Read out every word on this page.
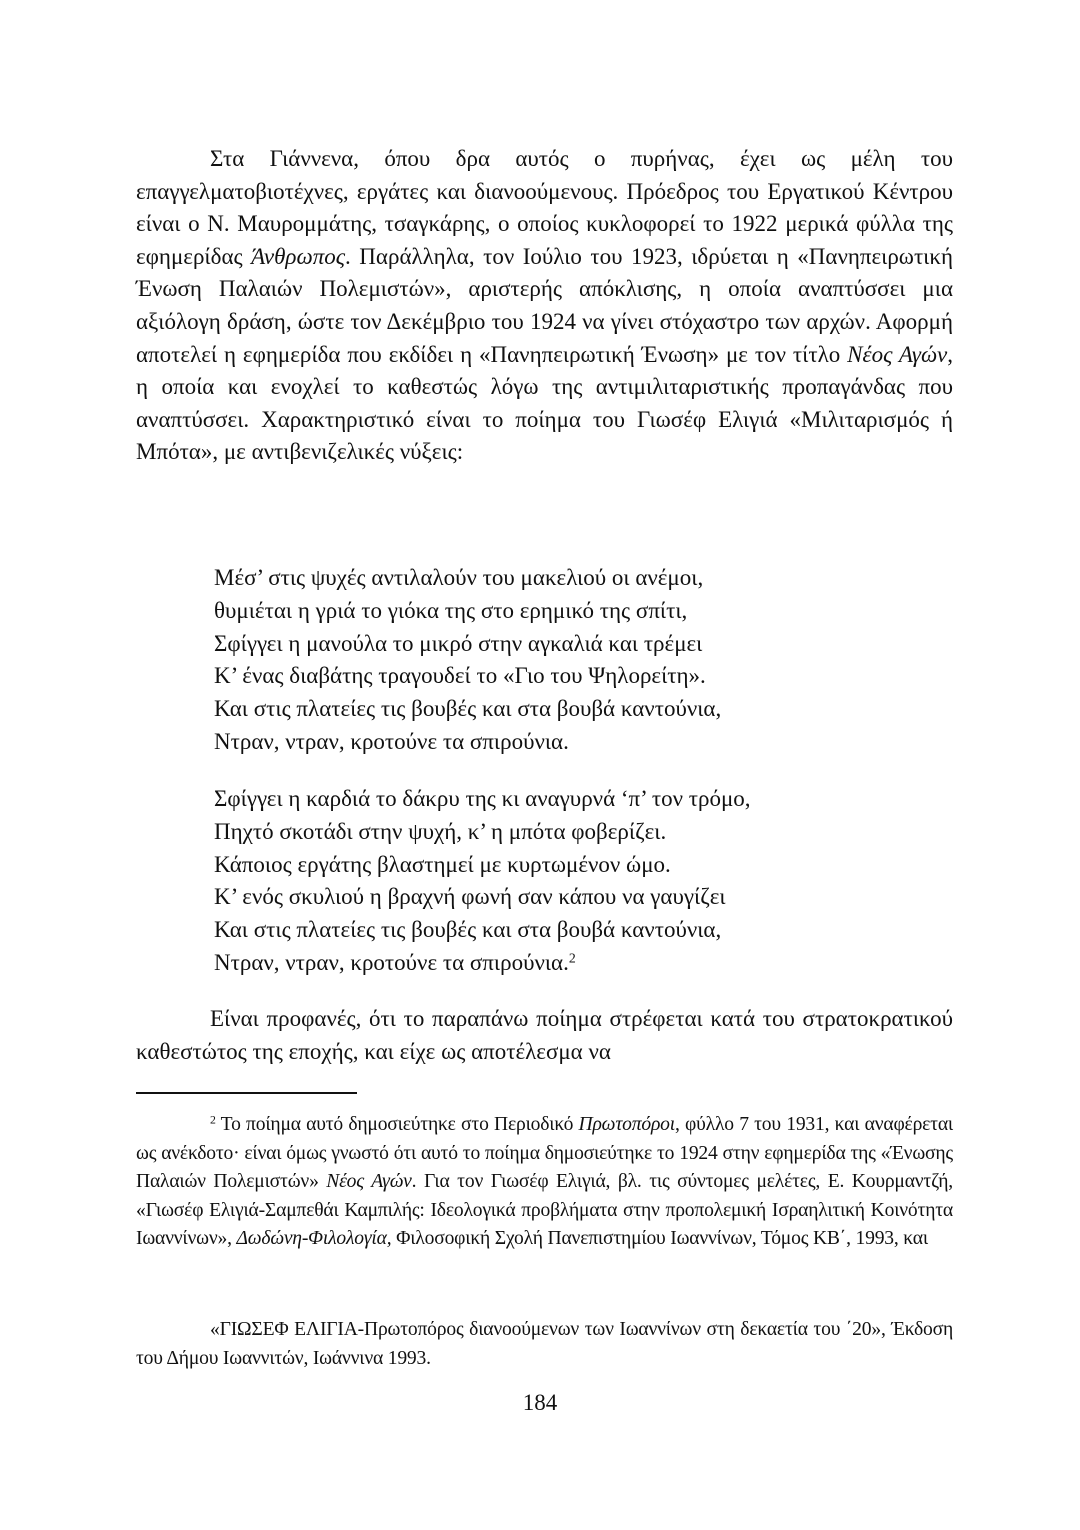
Στα Γιάννενα, όπου δρα αυτός ο πυρήνας, έχει ως μέλη του επαγγελματοβιοτέχνες, εργάτες και διανοούμενους. Πρόεδρος του Εργατικού Κέντρου είναι ο Ν. Μαυρομμάτης, τσαγκάρης, ο οποίος κυκλοφορεί το 1922 μερικά φύλλα της εφημερίδας Άνθρωπος. Παράλληλα, τον Ιούλιο του 1923, ιδρύεται η «Πανηπειρωτική Ένωση Παλαιών Πολεμιστών», αριστερής απόκλισης, η οποία αναπτύσσει μια αξιόλογη δράση, ώστε τον Δεκέμβριο του 1924 να γίνει στόχαστρο των αρχών. Αφορμή αποτελεί η εφημερίδα που εκδίδει η «Πανηπειρωτική Ένωση» με τον τίτλο Νέος Αγών, η οποία και ενοχλεί το καθεστώς λόγω της αντιμιλιταριστικής προπαγάνδας που αναπτύσσει. Χαρακτηριστικό είναι το ποίημα του Γιωσέφ Ελιγιά «Μιλιταρισμός ή Μπότα», με αντιβενιζελικές νύξεις:

Μέσ’ στις ψυχές αντιλαλούν του μακελιού οι ανέμοι,
θυμιέται η γριά το γιόκα της στο ερημικό της σπίτι,
Σφίγγει η μανούλα το μικρό στην αγκαλιά και τρέμει
Κ’ ένας διαβάτης τραγουδεί το «Γιο του Ψηλορείτη».
Και στις πλατείες τις βουβές και στα βουβά καντούνια,
Ντραν, ντραν, κροτούνε τα σπιρούνια.
Σφίγγει η καρδιά το δάκρυ της κι αναγυρνά ‘π’ τον τρόμο,
Πηχτό σκοτάδι στην ψυχή, κ’ η μπότα φοβερίζει.
Κάποιος εργάτης βλαστημεί με κυρτωμένον ώμο.
Κ’ ενός σκυλιού η βραχνή φωνή σαν κάπου να γαυγίζει
Και στις πλατείες τις βουβές και στα βουβά καντούνια,
Ντραν, ντραν, κροτούνε τα σπιρούνια.$^2$

Είναι προφανές, ότι το παραπάνω ποίημα στρέφεται κατά του στρατοκρατικού καθεστώτος της εποχής, και είχε ως αποτέλεσμα να

$^2$ Το ποίημα αυτό δημοσιεύτηκε στο Περιοδικό Πρωτοπόροι, φύλλο 7 του 1931, και αναφέρεται ως ανέκδοτο· είναι όμως γνωστό ότι αυτό το ποίημα δημοσιεύτηκε το 1924 στην εφημερίδα της «Ένωσης Παλαιών Πολεμιστών» Νέος Αγών. Για τον Γιωσέφ Ελιγιά, βλ. τις σύντομες μελέτες, Ε. Κουρμαντζή, «Γιωσέφ Ελιγιά-Σαμπεθάι Καμπιλής: Ιδεολογικά προβλήματα στην προπολεμική Ισραηλιτική Κοινότητα Ιωαννίνων», Δωδώνη-Φιλολογία, Φιλοσοφική Σχολή Πανεπιστημίου Ιωαννίνων, Τόμος ΚΒ΄, 1993, και

«ΓΙΩΣΕΦ ΕΛΙΓΙΑ-Πρωτοπόρος διανοούμενων των Ιωαννίνων στη δεκαετία του ΄20», Έκδοση του Δήμου Ιωαννιτών, Ιωάννινα 1993.

184
